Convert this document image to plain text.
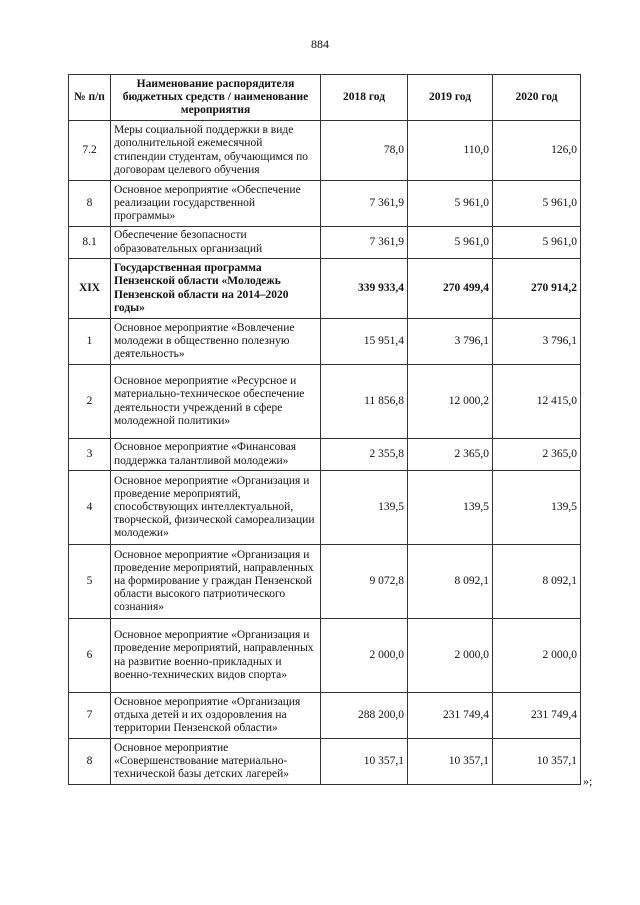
884
№ п/п	Наименование распорядителя бюджетных средств / наименование мероприятия	2018 год	2019 год	2020 год
7.2	Меры социальной поддержки в виде дополнительной ежемесячной стипендии студентам, обучающимся по договорам целевого обучения	78,0	110,0	126,0
8	Основное мероприятие «Обеспечение реализации государственной программы»	7 361,9	5 961,0	5 961,0
8.1	Обеспечение безопасности образовательных организаций	7 361,9	5 961,0	5 961,0
XIX	Государственная программа Пензенской области «Молодежь Пензенской области на 2014–2020 годы»	339 933,4	270 499,4	270 914,2
1	Основное мероприятие «Вовлечение молодежи в общественно полезную деятельность»	15 951,4	3 796,1	3 796,1
2	Основное мероприятие «Ресурсное и материально-техническое обеспечение деятельности учреждений в сфере молодежной политики»	11 856,8	12 000,2	12 415,0
3	Основное мероприятие «Финансовая поддержка талантливой молодежи»	2 355,8	2 365,0	2 365,0
4	Основное мероприятие «Организация и проведение мероприятий, способствующих интеллектуальной, творческой, физической самореализации молодежи»	139,5	139,5	139,5
5	Основное мероприятие «Организация и проведение мероприятий, направленных на формирование у граждан Пензенской области высокого патриотического сознания»	9 072,8	8 092,1	8 092,1
6	Основное мероприятие «Организация и проведение мероприятий, направленных на развитие военно-прикладных и военно-технических видов спорта»	2 000,0	2 000,0	2 000,0
7	Основное мероприятие «Организация отдыха детей и их оздоровления на территории Пензенской области»	288 200,0	231 749,4	231 749,4
8	Основное мероприятие «Совершенствование материально-технической базы детских лагерей»	10 357,1	10 357,1	10 357,1
»;
